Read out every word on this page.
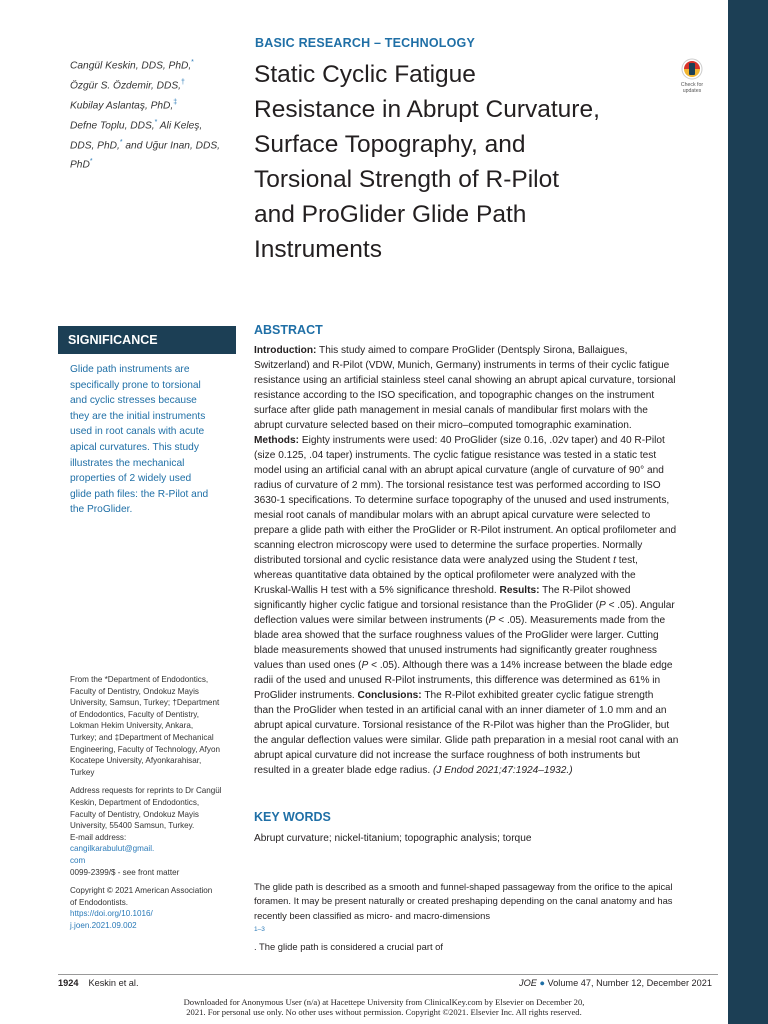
BASIC RESEARCH – TECHNOLOGY
Static Cyclic Fatigue
Resistance in Abrupt Curvature,
Surface Topography, and
Torsional Strength of R-Pilot
and ProGlider Glide Path
Instruments
Check for
updates
Cangül Keskin, DDS, PhD,*
Özgür S. Özdemir, DDS,†
Kubilay Aslantaş, PhD,‡
Defne Toplu, DDS,* Ali Keleş,
DDS, PhD,* and Uğur Inan, DDS,
PhD*
SIGNIFICANCE
Glide path instruments are
specifically prone to torsional
and cyclic stresses because
they are the initial instruments
used in root canals with acute
apical curvatures. This study
illustrates the mechanical
properties of 2 widely used
glide path files: the R-Pilot and
the ProGlider.
From the *Department of Endodontics,
Faculty of Dentistry, Ondokuz Mayis
University, Samsun, Turkey; †Department
of Endodontics, Faculty of Dentistry,
Lokman Hekim University, Ankara,
Turkey; and ‡Department of Mechanical
Engineering, Faculty of Technology, Afyon
Kocatepe University, Afyonkarahisar,
Turkey
Address requests for reprints to Dr Cangül
Keskin, Department of Endodontics,
Faculty of Dentistry, Ondokuz Mayis
University, 55400 Samsun, Turkey.
E-mail address:
cangilkarabulut@gmail.
com
0099-2399/$ - see front matter
Copyright © 2021 American Association
of Endodontists.
https://doi.org/10.1016/
j.joen.2021.09.002
ABSTRACT
Introduction: This study aimed to compare ProGlider (Dentsply Sirona, Ballaigues,
Switzerland) and R-Pilot (VDW, Munich, Germany) instruments in terms of their cyclic fatigue
resistance using an artificial stainless steel canal showing an abrupt apical curvature, torsional
resistance according to the ISO specification, and topographic changes on the instrument
surface after glide path management in mesial canals of mandibular first molars with the
abrupt curvature selected based on their micro–computed tomographic examination.
Methods: Eighty instruments were used: 40 ProGlider (size 0.16, .02v taper) and 40 R-Pilot
(size 0.125, .04 taper) instruments. The cyclic fatigue resistance was tested in a static test
model using an artificial canal with an abrupt apical curvature (angle of curvature of 90° and
radius of curvature of 2 mm). The torsional resistance test was performed according to ISO
3630-1 specifications. To determine surface topography of the unused and used instruments,
mesial root canals of mandibular molars with an abrupt apical curvature were selected to
prepare a glide path with either the ProGlider or R-Pilot instrument. An optical profilometer and
scanning electron microscopy were used to determine the surface properties. Normally
distributed torsional and cyclic resistance data were analyzed using the Student t test,
whereas quantitative data obtained by the optical profilometer were analyzed with the
Kruskal-Wallis H test with a 5% significance threshold. Results: The R-Pilot showed
significantly higher cyclic fatigue and torsional resistance than the ProGlider (P < .05). Angular
deflection values were similar between instruments (P < .05). Measurements made from the
blade area showed that the surface roughness values of the ProGlider were larger. Cutting
blade measurements showed that unused instruments had significantly greater roughness
values than used ones (P < .05). Although there was a 14% increase between the blade edge
radii of the used and unused R-Pilot instruments, this difference was determined as 61% in
ProGlider instruments. Conclusions: The R-Pilot exhibited greater cyclic fatigue strength
than the ProGlider when tested in an artificial canal with an inner diameter of 1.0 mm and an
abrupt apical curvature. Torsional resistance of the R-Pilot was higher than the ProGlider, but
the angular deflection values were similar. Glide path preparation in a mesial root canal with an
abrupt apical curvature did not increase the surface roughness of both instruments but
resulted in a greater blade edge radius. (J Endod 2021;47:1924–1932.)
KEY WORDS
Abrupt curvature; nickel-titanium; topographic analysis; torque
The glide path is described as a smooth and funnel-shaped passageway from the orifice to the apical
foramen. It may be present naturally or created preshaping depending on the canal anatomy and has
recently been classified as micro- and macro-dimensions
$^{1-3}$
. The glide path is considered a crucial part of
1924 Keskin et al.	JOE ● Volume 47, Number 12, December 2021
Downloaded for Anonymous User (n/a) at Hacettepe University from ClinicalKey.com by Elsevier on December 20,
2021. For personal use only. No other uses without permission. Copyright ©2021. Elsevier Inc. All rights reserved.
